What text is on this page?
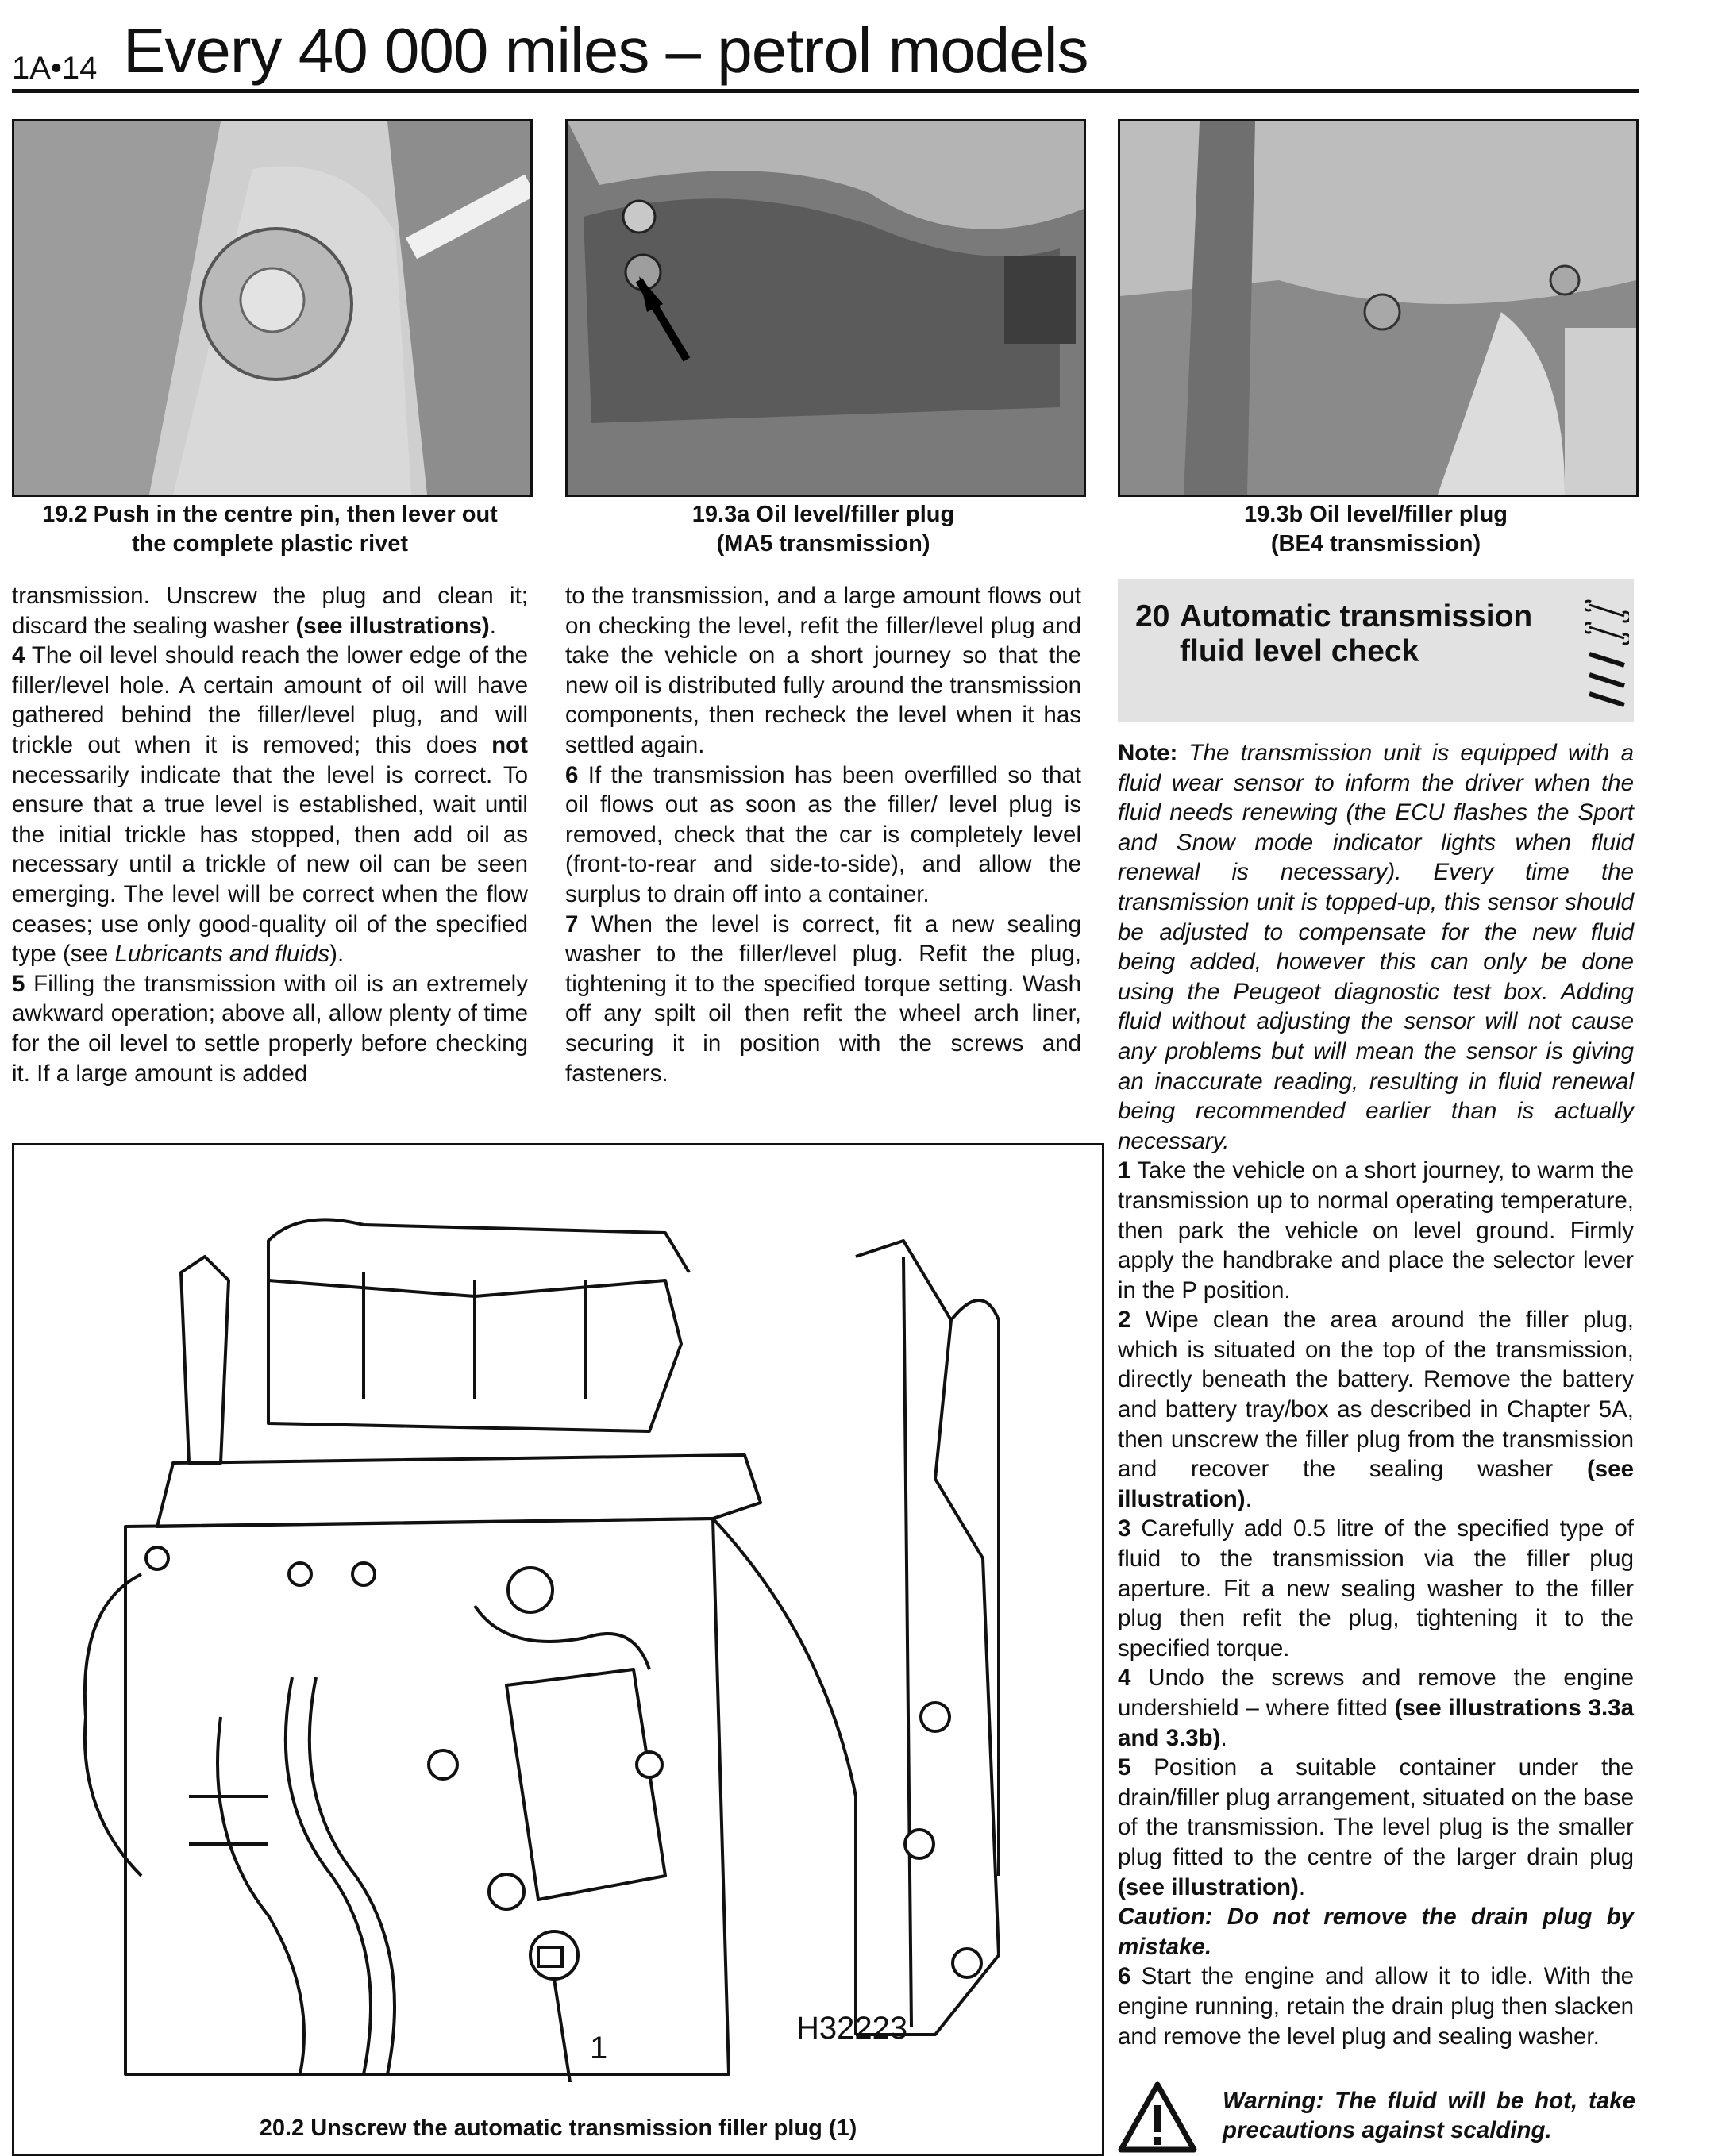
1A•14 Every 40 000 miles – petrol models
19.2 Push in the centre pin, then lever out
the complete plastic rivet
19.3a Oil level/filler plug
(MA5 transmission)
19.3b Oil level/filler plug
(BE4 transmission)

transmission. Unscrew the plug and clean it; discard the sealing washer (see illustrations).

4 The oil level should reach the lower edge of the filler/level hole. A certain amount of oil will have gathered behind the filler/level plug, and will trickle out when it is removed; this does not necessarily indicate that the level is correct. To ensure that a true level is established, wait until the initial trickle has stopped, then add oil as necessary until a trickle of new oil can be seen emerging. The level will be correct when the flow ceases; use only good-quality oil of the specified type (see Lubricants and fluids).

5 Filling the transmission with oil is an extremely awkward operation; above all, allow plenty of time for the oil level to settle properly before checking it. If a large amount is added

to the transmission, and a large amount flows out on checking the level, refit the filler/level plug and take the vehicle on a short journey so that the new oil is distributed fully around the transmission components, then recheck the level when it has settled again.

6 If the transmission has been overfilled so that oil flows out as soon as the filler/ level plug is removed, check that the car is completely level (front-to-rear and side-to-side), and allow the surplus to drain off into a container.

7 When the level is correct, fit a new sealing washer to the filler/level plug. Refit the plug, tightening it to the specified torque setting. Wash off any spilt oil then refit the wheel arch liner, securing it in position with the screws and fasteners.

20 Automatic transmission
fluid level check

Note: The transmission unit is equipped with a fluid wear sensor to inform the driver when the fluid needs renewing (the ECU flashes the Sport and Snow mode indicator lights when fluid renewal is necessary). Every time the transmission unit is topped-up, this sensor should be adjusted to compensate for the new fluid being added, however this can only be done using the Peugeot diagnostic test box. Adding fluid without adjusting the sensor will not cause any problems but will mean the sensor is giving an inaccurate reading, resulting in fluid renewal being recommended earlier than is actually necessary.

1 Take the vehicle on a short journey, to warm the transmission up to normal operating temperature, then park the vehicle on level ground. Firmly apply the handbrake and place the selector lever in the P position.

2 Wipe clean the area around the filler plug, which is situated on the top of the transmission, directly beneath the battery. Remove the battery and battery tray/box as described in Chapter 5A, then unscrew the filler plug from the transmission and recover the sealing washer (see illustration).

3 Carefully add 0.5 litre of the specified type of fluid to the transmission via the filler plug aperture. Fit a new sealing washer to the filler plug then refit the plug, tightening it to the specified torque.

4 Undo the screws and remove the engine undershield – where fitted (see illustrations 3.3a and 3.3b).

5 Position a suitable container under the drain/filler plug arrangement, situated on the base of the transmission. The level plug is the smaller plug fitted to the centre of the larger drain plug (see illustration).

Caution: Do not remove the drain plug by mistake.

6 Start the engine and allow it to idle. With the engine running, retain the drain plug then slacken and remove the level plug and sealing washer.

Warning: The fluid will be hot, take precautions against scalding.
1
H32223
20.2 Unscrew the automatic transmission filler plug (1)
